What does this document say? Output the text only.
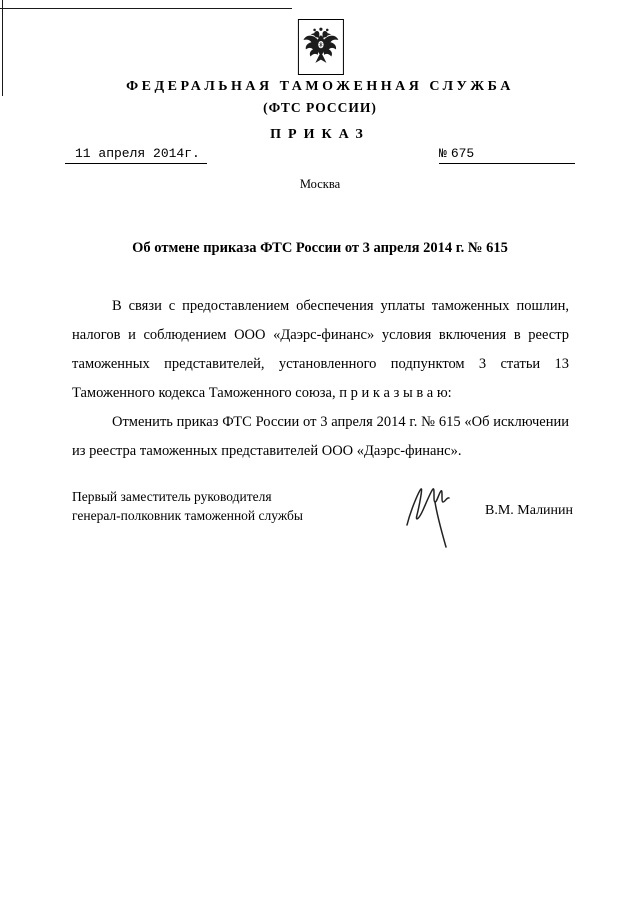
ФЕДЕРАЛЬНАЯ ТАМОЖЕННАЯ СЛУЖБА
(ФТС РОССИИ)
ПРИКАЗ
11 апреля 2014г.	№ 675
Москва
Об отмене приказа ФТС России от 3 апреля 2014 г. № 615

В связи с предоставлением обеспечения уплаты таможенных пошлин, налогов и соблюдением ООО «Даэрс-финанс» условия включения в реестр таможенных представителей, установленного подпунктом 3 статьи 13 Таможенного кодекса Таможенного союза, п р и к а з ы в а ю:

Отменить приказ ФТС России от 3 апреля 2014 г. № 615 «Об исключении из реестра таможенных представителей ООО «Даэрс-финанс».

Первый заместитель руководителя
генерал-полковник таможенной службы	В.М. Малинин
